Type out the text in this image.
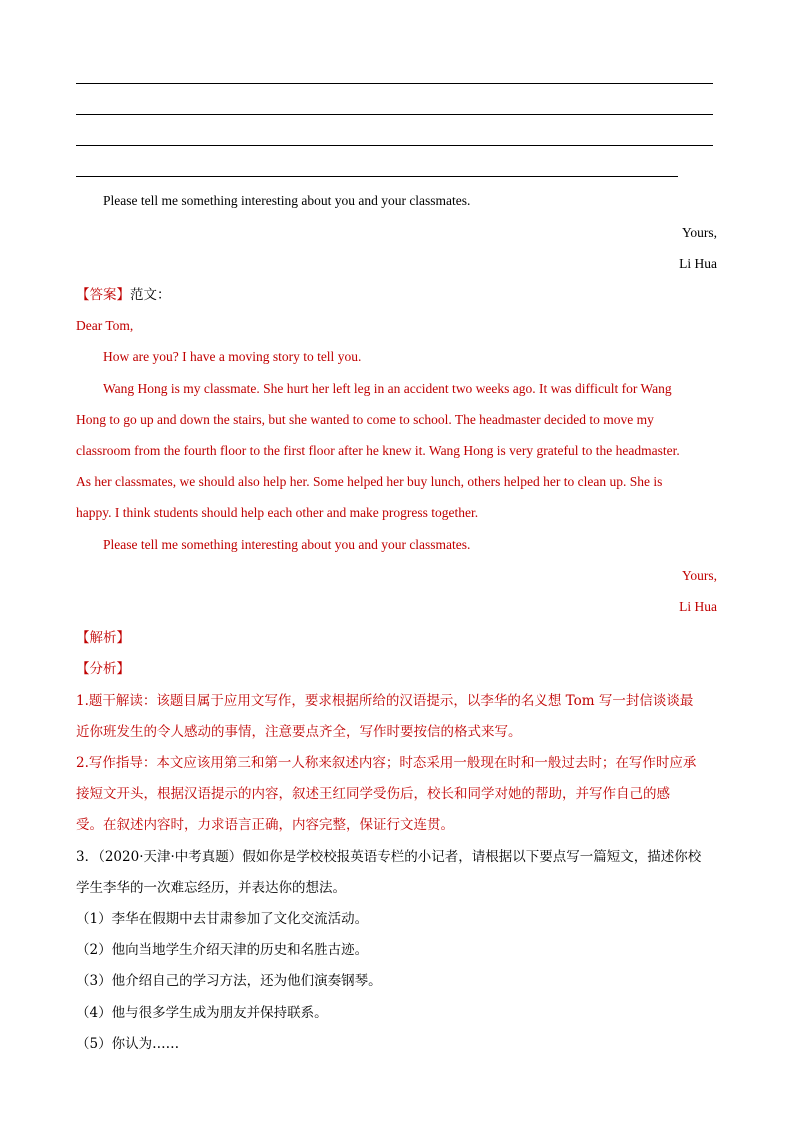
Please tell me something interesting about you and your classmates.
Yours,
Li Hua
【答案】范文：
Dear Tom,
How are you? I have a moving story to tell you.
Wang Hong is my classmate. She hurt her left leg in an accident two weeks ago. It was difficult for Wang
Hong to go up and down the stairs, but she wanted to come to school. The headmaster decided to move my
classroom from the fourth floor to the first floor after he knew it. Wang Hong is very grateful to the headmaster.
As her classmates, we should also help her. Some helped her buy lunch, others helped her to clean up. She is
happy. I think students should help each other and make progress together.
Please tell me something interesting about you and your classmates.
Yours,
Li Hua
【解析】
【分析】
1.题干解读：该题目属于应用文写作，要求根据所给的汉语提示，以李华的名义想 Tom 写一封信谈谈最
近你班发生的令人感动的事情，注意要点齐全，写作时要按信的格式来写。
2.写作指导：本文应该用第三和第一人称来叙述内容；时态采用一般现在时和一般过去时；在写作时应承
接短文开头，根据汉语提示的内容，叙述王红同学受伤后，校长和同学对她的帮助，并写作自己的感
受。在叙述内容时，力求语言正确，内容完整，保证行文连贯。
3．（2020·天津·中考真题）假如你是学校校报英语专栏的小记者，请根据以下要点写一篇短文，描述你校
学生李华的一次难忘经历，并表达你的想法。
（1）李华在假期中去甘肃参加了文化交流活动。
（2）他向当地学生介绍天津的历史和名胜古迹。
（3）他介绍自己的学习方法，还为他们演奏钢琴。
（4）他与很多学生成为朋友并保持联系。
（5）你认为……
